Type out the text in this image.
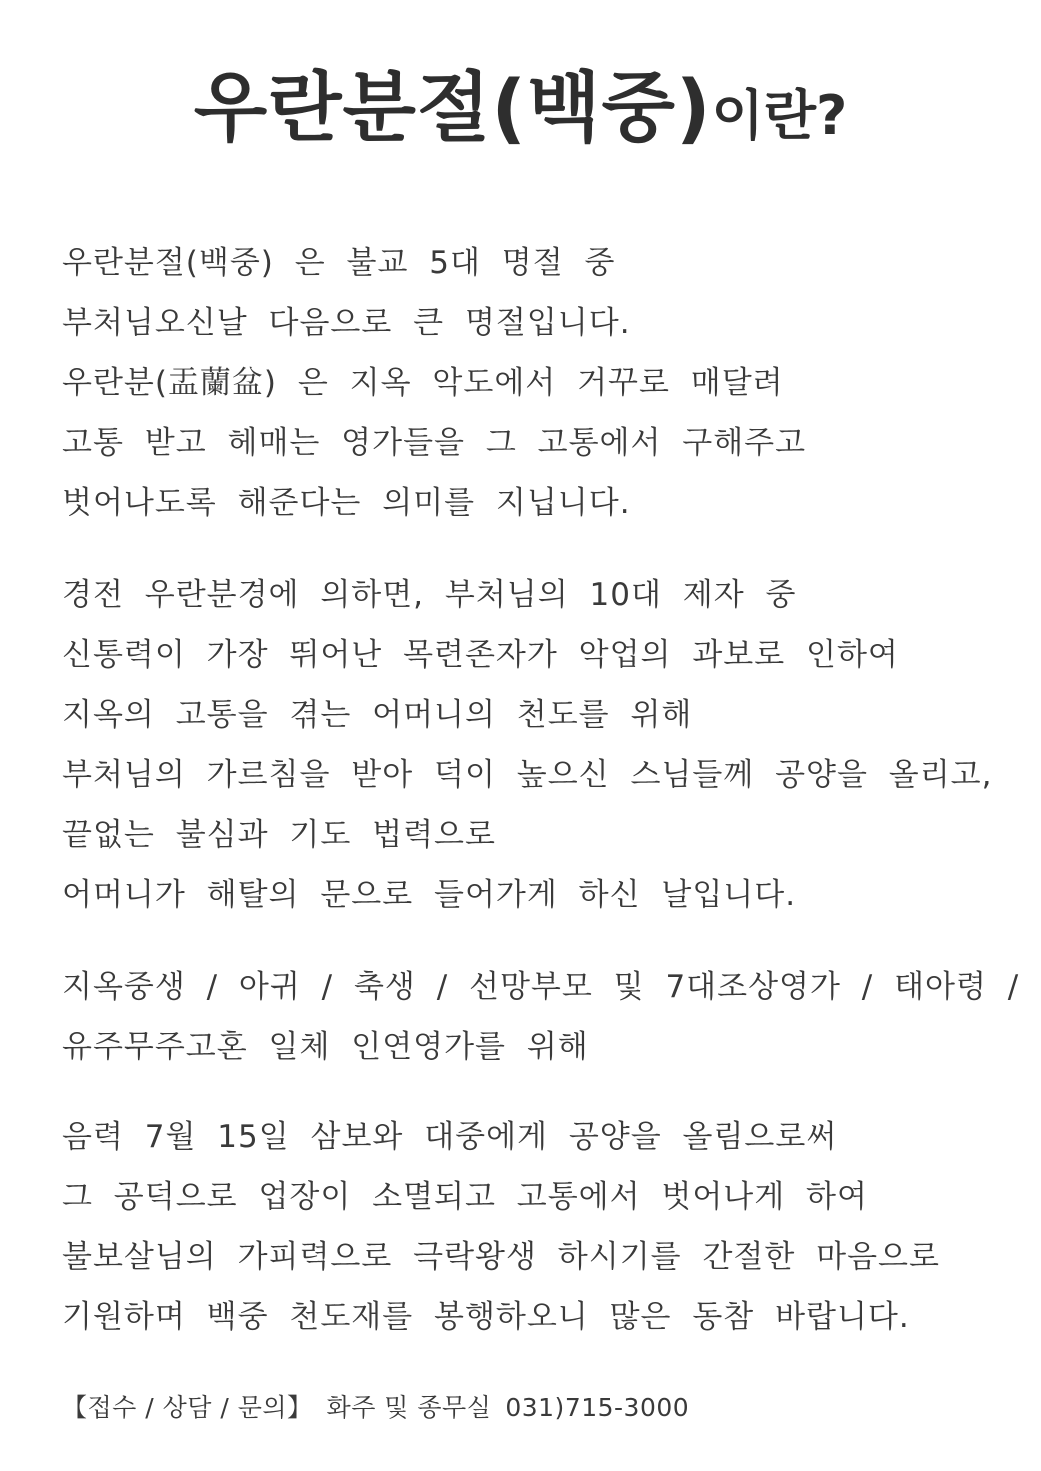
우란분절(백중)이란?
우란분절(백중) 은 불교 5대 명절 중
부처님오신날 다음으로 큰 명절입니다.
우란분(盂蘭盆) 은 지옥 악도에서 거꾸로 매달려
고통 받고 헤매는 영가들을 그 고통에서 구해주고
벗어나도록 해준다는 의미를 지닙니다.
경전 우란분경에 의하면, 부처님의 10대 제자 중
신통력이 가장 뛰어난 목련존자가 악업의 과보로 인하여
지옥의 고통을 겪는 어머니의 천도를 위해
부처님의 가르침을 받아 덕이 높으신 스님들께 공양을 올리고,
끝없는 불심과 기도 법력으로
어머니가 해탈의 문으로 들어가게 하신 날입니다.
지옥중생 / 아귀 / 축생 / 선망부모 및 7대조상영가 / 태아령 /
유주무주고혼 일체 인연영가를 위해
음력 7월 15일 삼보와 대중에게 공양을 올림으로써
그 공덕으로 업장이 소멸되고 고통에서 벗어나게 하여
불보살님의 가피력으로 극락왕생 하시기를 간절한 마음으로
기원하며 백중 천도재를 봉행하오니 많은 동참 바랍니다.
【접수 / 상담 / 문의】 화주 및 종무실 031)715-3000
